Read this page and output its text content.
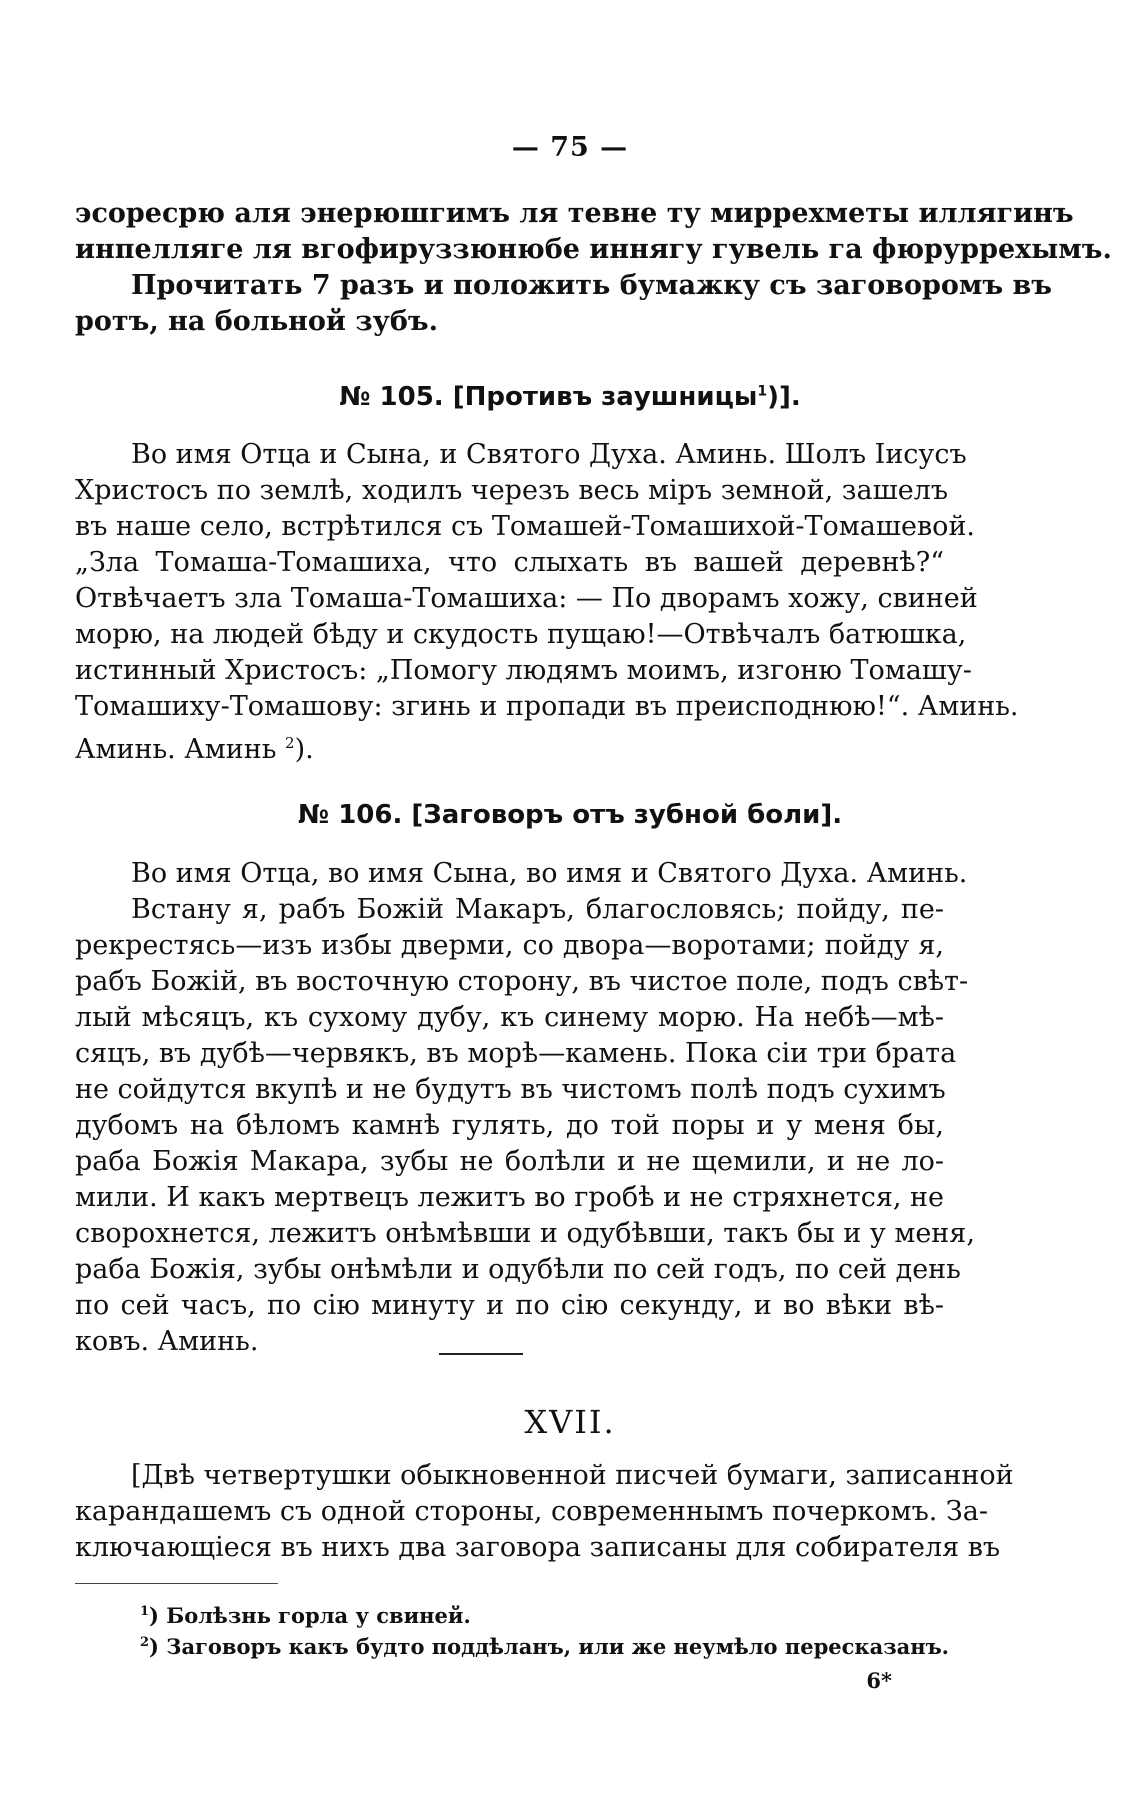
— 75 —
эсоресрю аля энерюшгимъ ля тевне ту миррехметы иллягинъ
инпелляге ля вгофируззюнюбе иннягу гувель га фюрурреxымъ.
Прочитать 7 разъ и положить бумажку съ заговоромъ въ
ротъ, на больной зубъ.
№ 105. [Противъ заушницы$^1$)].
Во имя Отца и Сына, и Святого Духа. Аминь. Шолъ Іисусъ
Христосъ по землѣ, ходилъ черезъ весь міръ земной, зашелъ
въ наше село, встрѣтился съ Томашей-Томашихой-Томашевой.
„Зла Томаша-Томашиха, что слыхать въ вашей деревнѣ?“
Отвѣчаетъ зла Томаша-Томашиха: — По дворамъ хожу, свиней
морю, на людей бѣду и скудость пущаю!—Отвѣчалъ батюшка,
истинный Христосъ: „Помогу людямъ моимъ, изгоню Томашу-
Томашиху-Томашову: згинь и пропади въ преисподнюю!“. Аминь.
Аминь. Аминь $^2$).
№ 106. [Заговоръ отъ зубной боли].
Во имя Отца, во имя Сына, во имя и Святого Духа. Аминь.
Встану я, рабъ Божій Макаръ, благословясь; пойду, пе-
рекрестясь—изъ избы дверми, со двора—воротами; пойду я,
рабъ Божій, въ восточную сторону, въ чистое поле, подъ свѣт-
лый мѣсяцъ, къ сухому дубу, къ синему морю. На небѣ—мѣ-
сяцъ, въ дубѣ—червякъ, въ морѣ—камень. Пока сіи три брата
не сойдутся вкупѣ и не будутъ въ чистомъ полѣ подъ сухимъ
дубомъ на бѣломъ камнѣ гулять, до той поры и у меня бы,
раба Божія Макара, зубы не болѣли и не щемили, и не ло-
мили. И какъ мертвецъ лежитъ во гробѣ и не стряхнется, не
сворохнется, лежитъ онѣмѣвши и одубѣвши, такъ бы и у меня,
раба Божія, зубы онѣмѣли и одубѣли по сей годъ, по сей день
по сей часъ, по сію минуту и по сію секунду, и во вѣки вѣ-
ковъ. Аминь.
XVII.
[Двѣ четвертушки обыкновенной писчей бумаги, записанной
карандашемъ съ одной стороны, современнымъ почеркомъ. За-
ключающіеся въ нихъ два заговора записаны для собирателя въ
$^1$) Болѣзнь горла у свиней.
$^2$) Заговоръ какъ будто поддѣланъ, или же неумѣло пересказанъ.
6*
